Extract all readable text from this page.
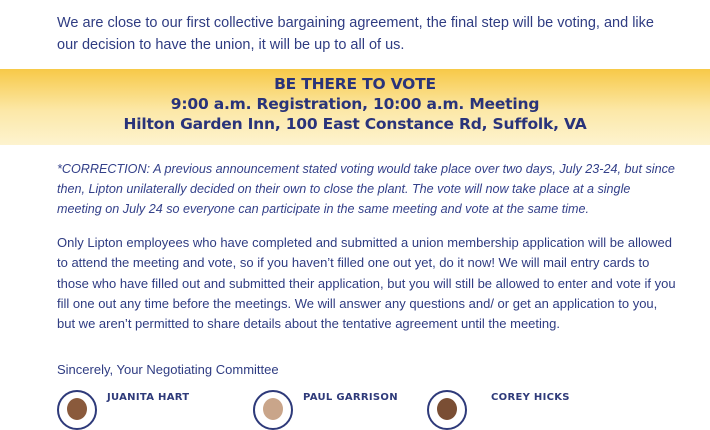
We are close to our first collective bargaining agreement, the final step will be voting, and like our decision to have the union, it will be up to all of us.
BE THERE TO VOTE
9:00 a.m. Registration, 10:00 a.m. Meeting
Hilton Garden Inn, 100 East Constance Rd, Suffolk, VA
*CORRECTION: A previous announcement stated voting would take place over two days, July 23-24, but since then, Lipton unilaterally decided on their own to close the plant. The vote will now take place at a single meeting on July 24 so everyone can participate in the same meeting and vote at the same time.
Only Lipton employees who have completed and submitted a union membership application will be allowed to attend the meeting and vote, so if you haven’t filled one out yet, do it now! We will mail entry cards to those who have filled out and submitted their application, but you will still be allowed to enter and vote if you fill one out any time before the meetings. We will answer any questions and/ or get an application to you, but we aren’t permitted to share details about the tentative agreement until the meeting.
Sincerely, Your Negotiating Committee
JUANITA HART	PAUL GARRISON	COREY HICKS
